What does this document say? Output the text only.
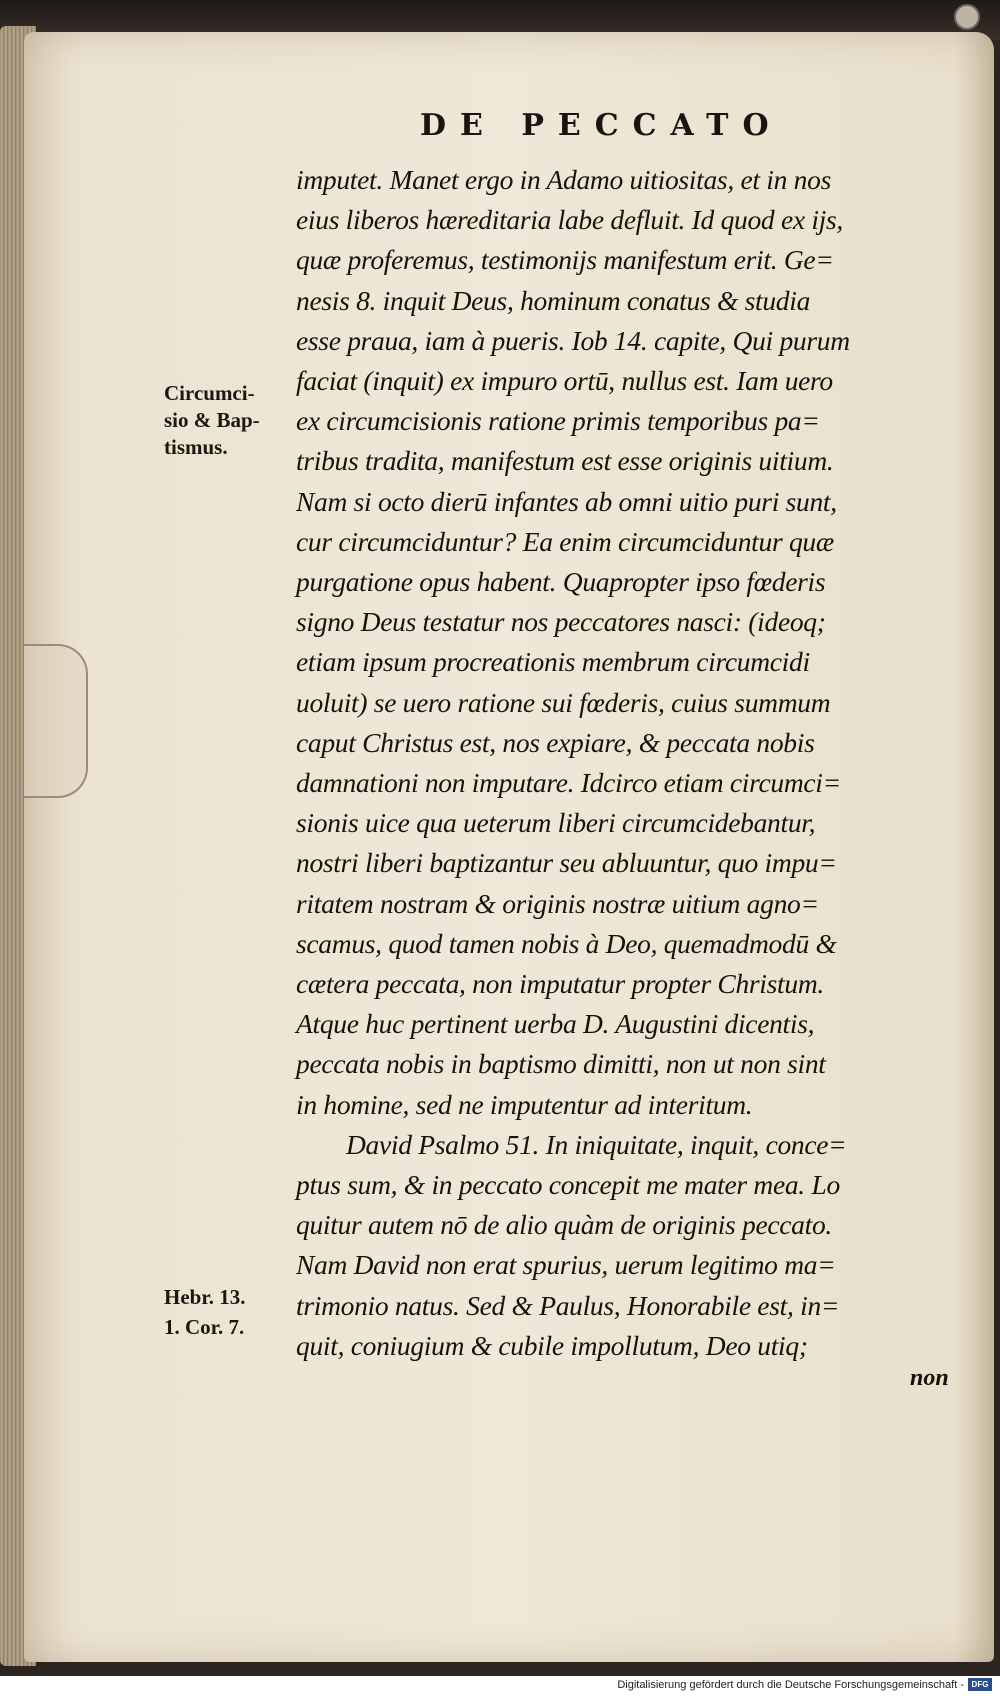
DE PECCATO
imputet. Manet ergo in Adamo uitiositas, et in nos
eius liberos hæreditaria labe defluit. Id quod ex ijs,
quæ proferemus, testimonijs manifestum erit. Ge=
nesis 8. inquit Deus, hominum conatus & studia
esse praua, iam à pueris. Iob 14. capite, Qui purum
faciat (inquit) ex impuro ortū, nullus est. Iam uero
ex circumcisionis ratione primis temporibus pa=
tribus tradita, manifestum est esse originis uitium.
Nam si octo dierū infantes ab omni uitio puri sunt,
cur circumciduntur? Ea enim circumciduntur quæ
purgatione opus habent. Quapropter ipso fœderis
signo Deus testatur nos peccatores nasci: (ideoq;
etiam ipsum procreationis membrum circumcidi
uoluit) se uero ratione sui fœderis, cuius summum
caput Christus est, nos expiare, & peccata nobis
damnationi non imputare. Idcirco etiam circumci=
sionis uice qua ueterum liberi circumcidebantur,
nostri liberi baptizantur seu abluuntur, quo impu=
ritatem nostram & originis nostræ uitium agno=
scamus, quod tamen nobis à Deo, quemadmodū &
cætera peccata, non imputatur propter Christum.
Atque huc pertinent uerba D. Augustini dicentis,
peccata nobis in baptismo dimitti, non ut non sint
in homine, sed ne imputentur ad interitum.
David Psalmo 51. In iniquitate, inquit, conce=
ptus sum, & in peccato concepit me mater mea. Lo
quitur autem nō de alio quàm de originis peccato.
Nam David non erat spurius, uerum legitimo ma=
trimonio natus. Sed & Paulus, Honorabile est, in=
quit, coniugium & cubile impollutum, Deo utiq;
non
Circumci-
sio & Bap-
tismus.
Hebr. 13.
1. Cor. 7.
Digitalisierung gefördert durch die Deutsche Forschungsgemeinschaft - DFG
